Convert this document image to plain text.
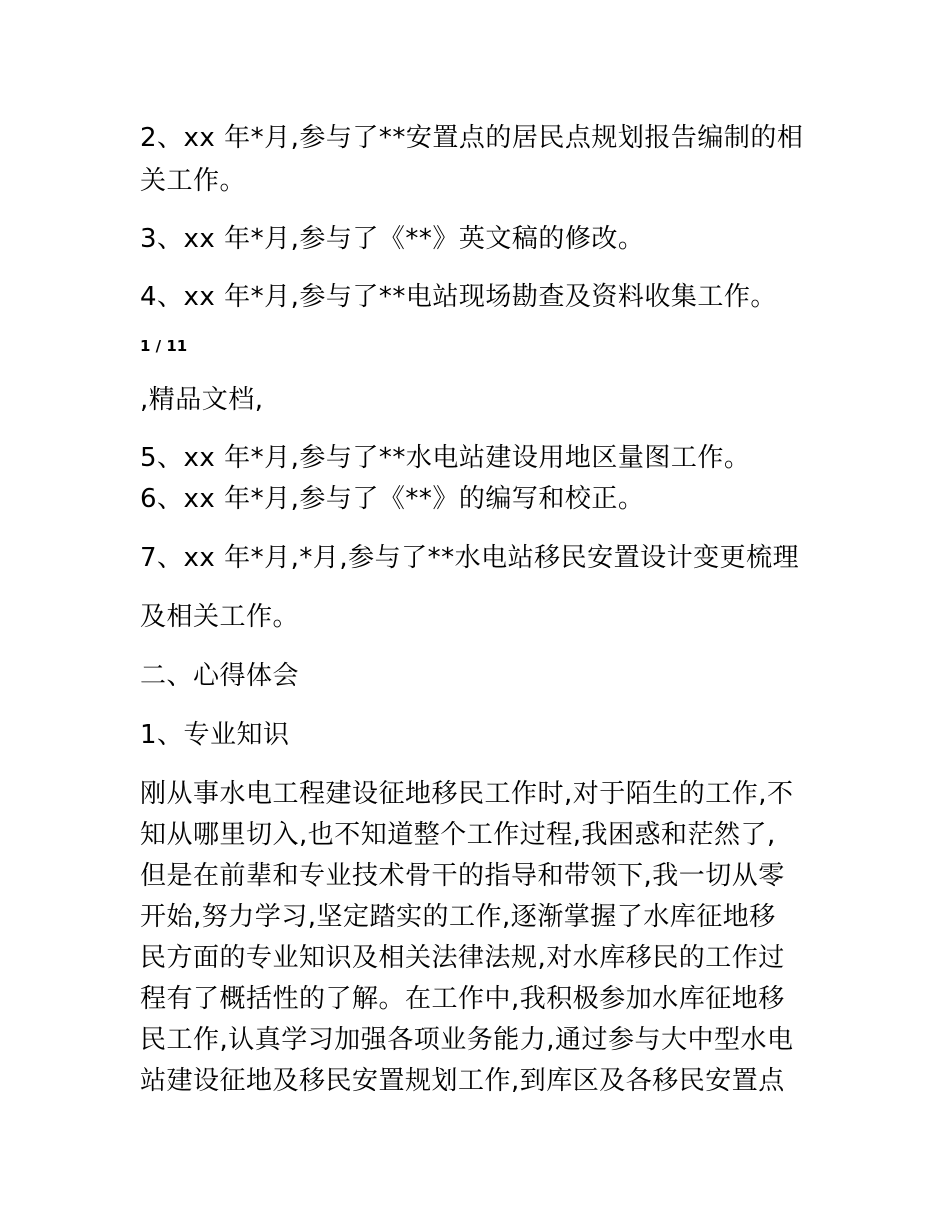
2、xx 年*月,参与了**安置点的居民点规划报告编制的相
关工作。
3、xx 年*月,参与了《**》英文稿的修改。
4、xx 年*月,参与了**电站现场勘查及资料收集工作。
1 / 11
,精品文档,
5、xx 年*月,参与了**水电站建设用地区量图工作。
6、xx 年*月,参与了《**》的编写和校正。
7、xx 年*月,*月,参与了**水电站移民安置设计变更梳理
及相关工作。
二、心得体会
1、专业知识
刚从事水电工程建设征地移民工作时,对于陌生的工作,不
知从哪里切入,也不知道整个工作过程,我困惑和茫然了,
但是在前辈和专业技术骨干的指导和带领下,我一切从零
开始,努力学习,坚定踏实的工作,逐渐掌握了水库征地移
民方面的专业知识及相关法律法规,对水库移民的工作过
程有了概括性的了解。在工作中,我积极参加水库征地移
民工作,认真学习加强各项业务能力,通过参与大中型水电
站建设征地及移民安置规划工作,到库区及各移民安置点
